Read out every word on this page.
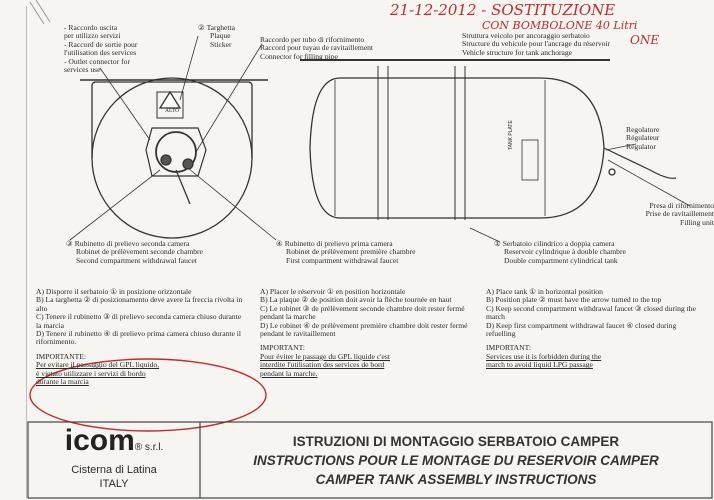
21-12-2012 - SOSTITUZIONE
CON BOMBOLONE 40 Litri
ONE
- Raccordo uscita
per utilizzo servizi
- Raccord de sortie pour
l'utilisation des services
- Outlet connector for
services use
② Targhetta
Plaque
Sticker
Raccordo per tubo di rifornimento
Raccord pour tuyau de ravitaillement
Connector for filling pipe
ALTO
Struttura veicolo per ancoraggio serbatoio
Structure du vehicule pour l'ancrage du réservoir
Vehicle structure for tank anchorage
Regolatore
Régulateur
Regulator
Presa di rifornimento
Prise de ravitaillement
Filling unit
TANK PLATE
③ Rubinetto di prelievo seconda camera
Robinet de prélèvement seconde chambre
Second compartment withdrawal faucet
④ Rubinetto di prelievo prima camera
Robinet de prélèvement première chambre
First compartment withdrawal faucet
① Serbatoio cilindrico a doppia camera
Reservoir cylindrique à double chambre
Double compartment cylindrical tank
A) Disporre il serbatoio ① in posizione orizzontale
B) La targhetta ② di posizionamento deve avere la freccia rivolta in alto
C) Tenere il rubinetto ③ di prelievo seconda camera chiuso durante la marcia
D) Tenere il rubinetto ④ di prelievo prima camera chiuso durante il rifornimento.
IMPORTANTE:
Per evitare il passaggio del GPL liquido,
è vietato utilizzare i servizi di bordo
durante la marcia
A) Placer le réservoir ① en position horizontale
B) La plaque ② de position doit avoir la flèche tournée en haut
C) Le robinet ③ de prélèvement seconde chambre doit rester fermé pendant la marche
D) Le robinet ④ de prélèvement première chambre doit rester fermé pendant le ravitaillement
IMPORTANT:
Pour éviter le passage du GPL liquide c'est
interdite l'utilisation des services de bord
pendant la marche.
A) Place tank ① in horizontal position
B) Position plate ② must have the arrow turned to the top
C) Keep second compartment withdrawal faucet ③ closed during the march
D) Keep first compartment withdrawal faucet ④ closed during refuelling
IMPORTANT:
Services use it is forbidden during the
march to avoid liquid LPG passage
icom® s.r.l.
Cisterna di Latina
ITALY
ISTRUZIONI DI MONTAGGIO SERBATOIO CAMPER
INSTRUCTIONS POUR LE MONTAGE DU RESERVOIR CAMPER
CAMPER TANK ASSEMBLY INSTRUCTIONS
